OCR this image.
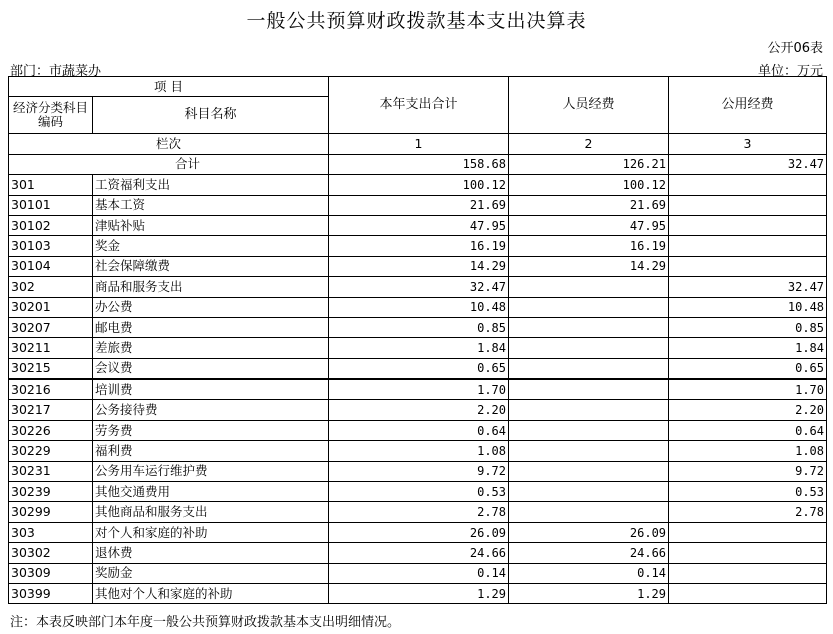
一般公共预算财政拨款基本支出决算表
公开06表
部门：市蔬菜办	单位：万元
项 目		本年支出合计	人员经费	公用经费
经济分类科目编码	科目名称			
栏次		1	2	3
合计		158.68	126.21	32.47
301	工资福利支出	100.12	100.12	
30101	基本工资	21.69	21.69	
30102	津贴补贴	47.95	47.95	
30103	奖金	16.19	16.19	
30104	社会保障缴费	14.29	14.29	
302	商品和服务支出	32.47		32.47
30201	办公费	10.48		10.48
30207	邮电费	0.85		0.85
30211	差旅费	1.84		1.84
30215	会议费	0.65		0.65
30216	培训费	1.70		1.70
30217	公务接待费	2.20		2.20
30226	劳务费	0.64		0.64
30229	福利费	1.08		1.08
30231	公务用车运行维护费	9.72		9.72
30239	其他交通费用	0.53		0.53
30299	其他商品和服务支出	2.78		2.78
303	对个人和家庭的补助	26.09	26.09	
30302	退休费	24.66	24.66	
30309	奖励金	0.14	0.14	
30399	其他对个人和家庭的补助	1.29	1.29	
注：本表反映部门本年度一般公共预算财政拨款基本支出明细情况。
